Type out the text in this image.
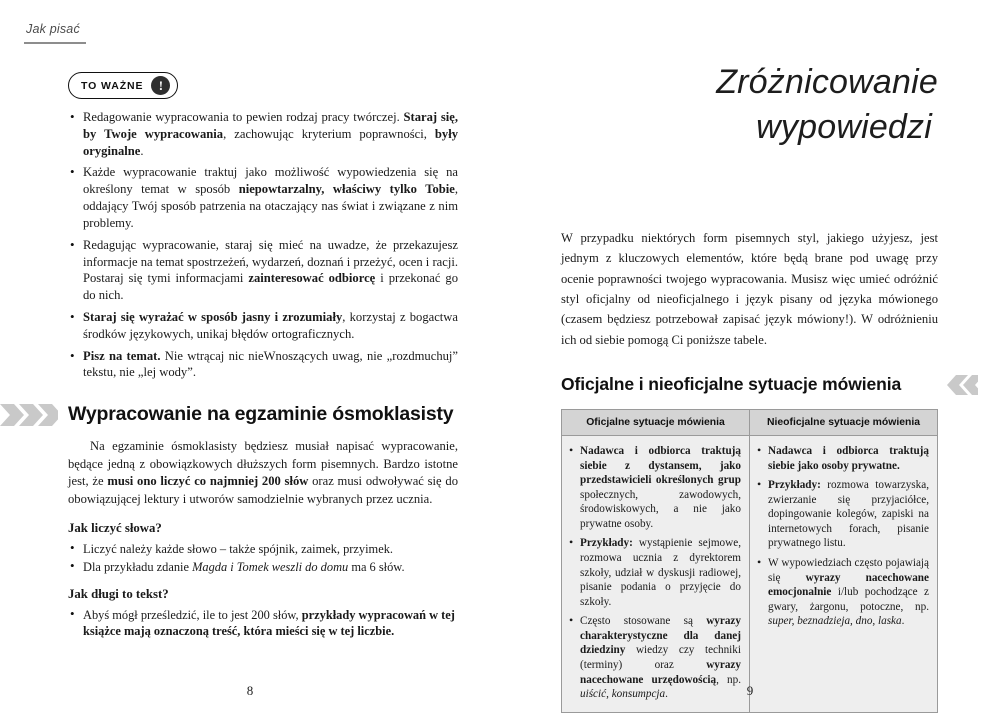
Jak pisać
TO WAŻNE	!
• Redagowanie wypracowania to pewien rodzaj pracy twórczej. Staraj się, by Twoje wypracowania, zachowując kryterium poprawności, były oryginalne.
• Każde wypracowanie traktuj jako możliwość wypowiedzenia się na określony temat w sposób niepowtarzalny, właściwy tylko Tobie, oddający Twój sposób patrzenia na otaczający nas świat i związane z nim problemy.
• Redagując wypracowanie, staraj się mieć na uwadze, że przekazujesz informacje na temat spostrzeżeń, wydarzeń, doznań i przeżyć, ocen i racji. Postaraj się tymi informacjami zainteresować odbiorcę i przekonać go do nich.
• Staraj się wyrażać w sposób jasny i zrozumiały, korzystaj z bogactwa środków językowych, unikaj błędów ortograficznych.
• Pisz na temat. Nie wtrącaj nic nieWnoszących uwag, nie „rozdmuchuj” tekstu, nie „lej wody”.
Wypracowanie na egzaminie ósmoklasisty

Na egzaminie ósmoklasisty będziesz musiał napisać wypracowanie, będące jedną z obowiązkowych dłuższych form pisemnych. Bardzo istotne jest, że musi ono liczyć co najmniej 200 słów oraz musi odwoływać się do obowiązującej lektury i utworów samodzielnie wybranych przez ucznia.

Jak liczyć słowa?
• Liczyć należy każde słowo – także spójnik, zaimek, przyimek.
• Dla przykładu zdanie Magda i Tomek weszli do domu ma 6 słów.
Jak długi to tekst?
• Abyś mógł prześledzić, ile to jest 200 słów, przykłady wypracowań w tej książce mają oznaczoną treść, która mieści się w tej liczbie.
8
Zróżnicowanie
wypowiedzi

W przypadku niektórych form pisemnych styl, jakiego użyjesz, jest jednym z kluczowych elementów, które będą brane pod uwagę przy ocenie poprawności twojego wypracowania. Musisz więc umieć odróżnić styl oficjalny od nieoficjalnego i język pisany od języka mówionego (czasem będziesz potrzebował zapisać język mówiony!). W odróżnieniu ich od siebie pomogą Ci poniższe tabele.

Oficjalne i nieoficjalne sytuacje mówienia
Oficjalne sytuacje mówienia	Nieoficjalne sytuacje mówienia

• Nadawca i odbiorca traktują siebie z dystansem, jako przedstawicieli określonych grup społecznych, zawodowych, środowiskowych, a nie jako prywatne osoby.
• Przykłady: wystąpienie sejmowe, rozmowa ucznia z dyrektorem szkoły, udział w dyskusji radiowej, pisanie podania o przyjęcie do szkoły.
• Często stosowane są wyrazy charakterystyczne dla danej dziedziny wiedzy czy techniki (terminy) oraz wyrazy nacechowane urzędowością, np. uiścić, konsumpcja.

• Nadawca i odbiorca traktują siebie jako osoby prywatne.
• Przykłady: rozmowa towarzyska, zwierzanie się przyjaciółce, dopingowanie kolegów, zapiski na internetowych forach, pisanie prywatnego listu.
• W wypowiedziach często pojawiają się wyrazy nacechowane emocjonalnie i/lub pochodzące z gwary, żargonu, potoczne, np. super, beznadzieja, dno, laska.
9
